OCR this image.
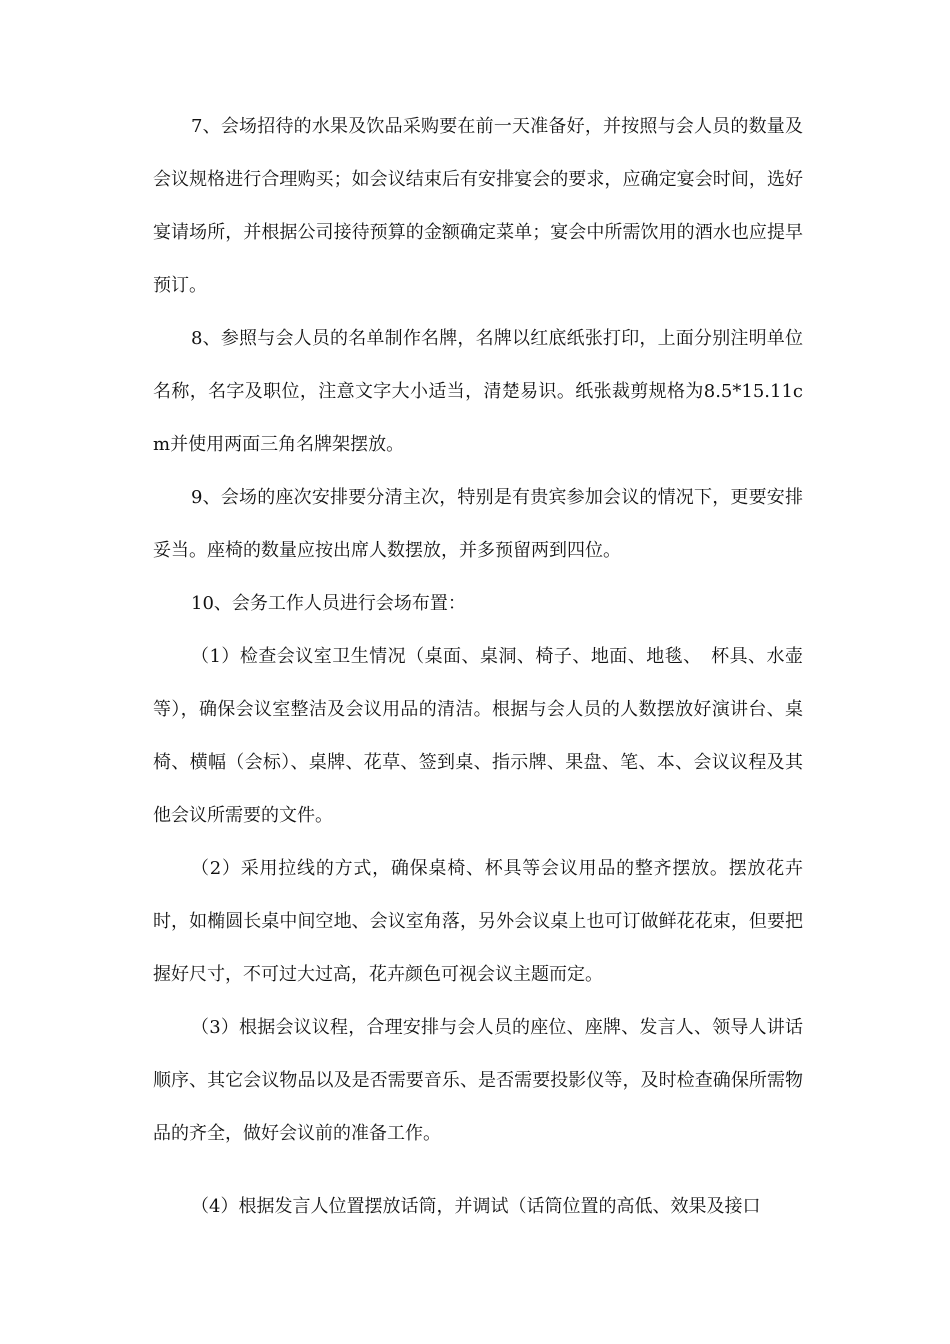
7、会场招待的水果及饮品采购要在前一天准备好，并按照与会人员的数量及会议规格进行合理购买；如会议结束后有安排宴会的要求，应确定宴会时间，选好宴请场所，并根据公司接待预算的金额确定菜单；宴会中所需饮用的酒水也应提早预订。

8、参照与会人员的名单制作名牌，名牌以红底纸张打印，上面分别注明单位名称，名字及职位，注意文字大小适当，清楚易识。纸张裁剪规格为8.5*15.11cm并使用两面三角名牌架摆放。

9、会场的座次安排要分清主次，特别是有贵宾参加会议的情况下，更要安排妥当。座椅的数量应按出席人数摆放，并多预留两到四位。

10、会务工作人员进行会场布置：

（1）检查会议室卫生情况（桌面、桌洞、椅子、地面、地毯、　杯具、水壶等），确保会议室整洁及会议用品的清洁。根据与会人员的人数摆放好演讲台、桌椅、横幅（会标）、桌牌、花草、签到桌、指示牌、果盘、笔、本、会议议程及其他会议所需要的文件。

（2）采用拉线的方式，确保桌椅、杯具等会议用品的整齐摆放。摆放花卉时，如椭圆长桌中间空地、会议室角落，另外会议桌上也可订做鲜花花束，但要把握好尺寸，不可过大过高，花卉颜色可视会议主题而定。

（3）根据会议议程，合理安排与会人员的座位、座牌、发言人、领导人讲话顺序、其它会议物品以及是否需要音乐、是否需要投影仪等，及时检查确保所需物品的齐全，做好会议前的准备工作。

（4）根据发言人位置摆放话筒，并调试（话筒位置的高低、效果及接口
